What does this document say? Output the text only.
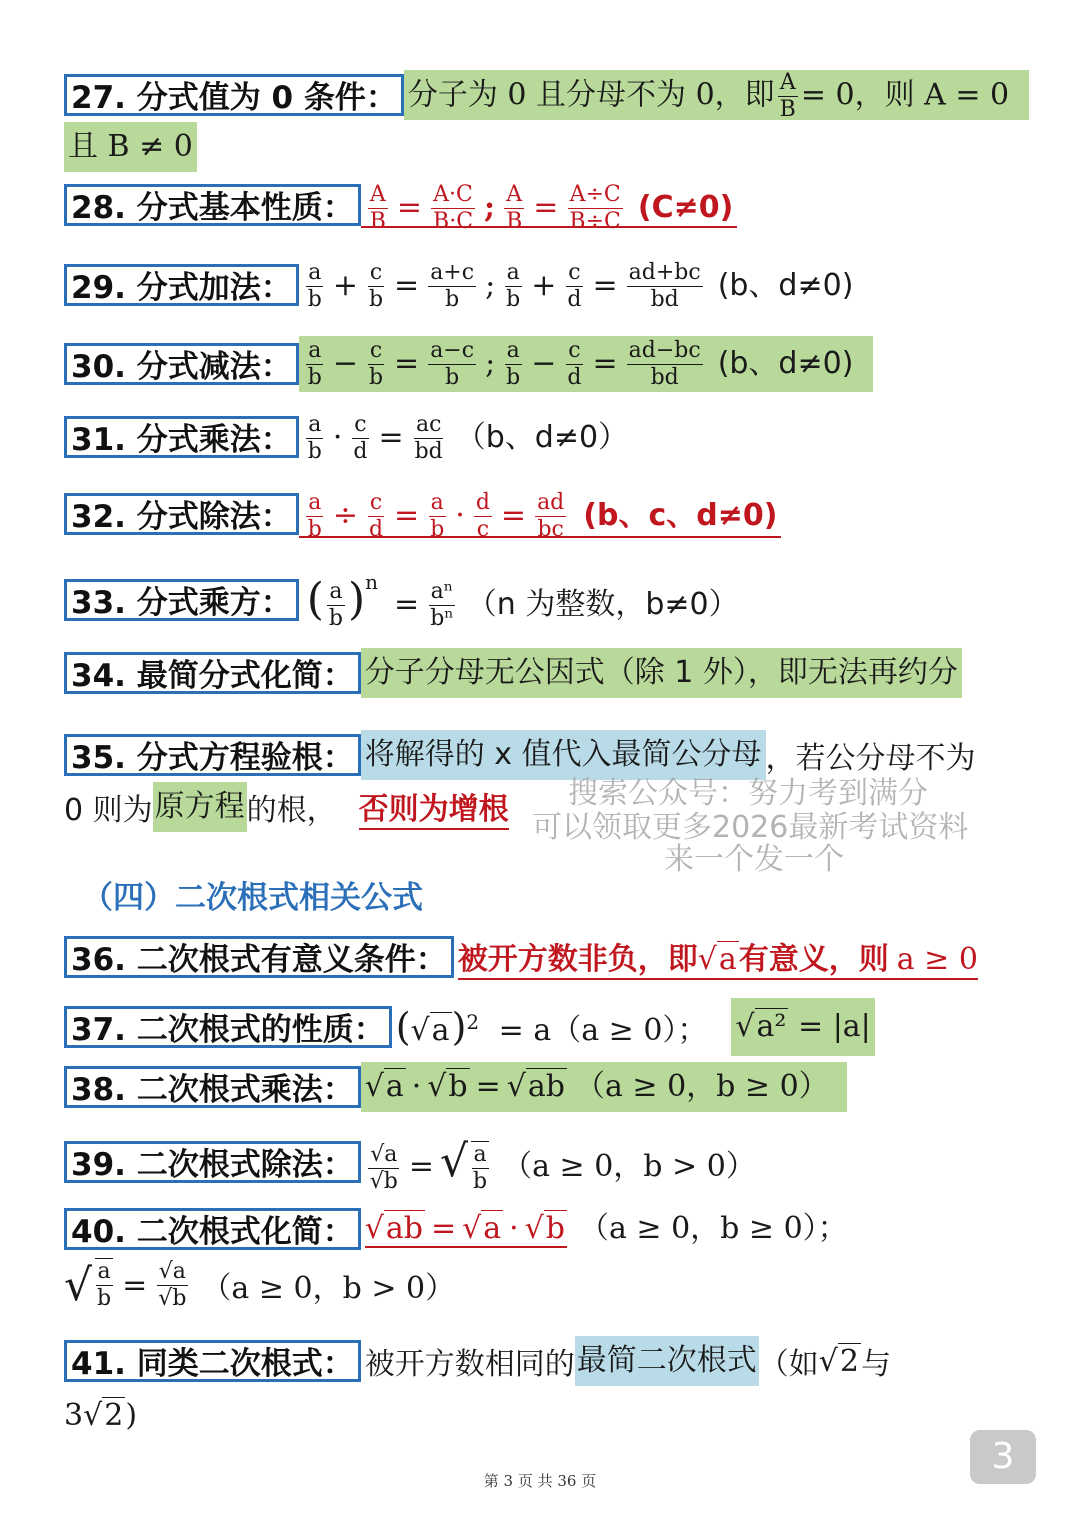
27. 分式值为 0 条件： 分子为 0 且分母不为 0，即 $\frac{A}{B} = 0$，则 A = 0
且 B ≠ 0
28. 分式基本性质： $\frac{A}{B} = \frac{A\cdot C}{B\cdot C}$ ; $\frac{A}{B} = \frac{A\div C}{B\div C} (C\ne 0)$
29. 分式加法： $\frac{a}{b} + \frac{c}{b} = \frac{a+c}{b}$ ; $\frac{a}{b} + \frac{c}{d} = \frac{ad+bc}{bd} (b$、d≠0)
30. 分式减法： $\frac{a}{b} - \frac{c}{b} = \frac{a-c}{b}$ ; $\frac{a}{b} - \frac{c}{d} = \frac{ad-bc}{bd} (b$、d≠0)
31. 分式乘法： $\frac{a}{b} \cdot \frac{c}{d} = \frac{ac}{bd} (b$、d≠0）
32. 分式除法： $\frac{a}{b} \div \frac{c}{d} = \frac{a}{b} \cdot \frac{d}{c} = \frac{ad}{bc} (b$、c、d≠0)
33. 分式乘方： ( $\frac{a}{b} )^n= \frac{\text{aⁿ}}{\text{bⁿ}} (n$ 为整数，b≠0）
34. 最简分式化简： 分子分母无公因式（除 1 外），即无法再约分
35. 分式方程验根： 将解得的 x 值代入最简公分母 ，若公分母不为
0 则为 原方程 的根， 否则为增根 搜索公众号：努力考到满分
可以领取更多2026最新考试资料
来一个发一个
（四）二次根式相关公式
36. 二次根式有意义条件： 被开方数非负，即√a有意义，则 a ≥ 0
37. 二次根式的性质： $(√a)^2 = a(a \ge 0)$； √a² = |a|
38. 二次根式乘法： √a · √b = √ab （a ≥ 0，b ≥ 0）
39. 二次根式除法： $\frac{√a}{√b}$ = √ $\frac{a}{b} (a \ge 0$，b > 0）
40. 二次根式化简： √ab = √a · √b （a ≥ 0，b ≥ 0）；
√ $\frac{a}{b} = \frac{√a}{√b} (a \ge 0$，b > 0）
41. 同类二次根式： 被开方数相同的 最简二次根式 （如 √2 与
3 √2 )
3
第 3 页 共 36 页
